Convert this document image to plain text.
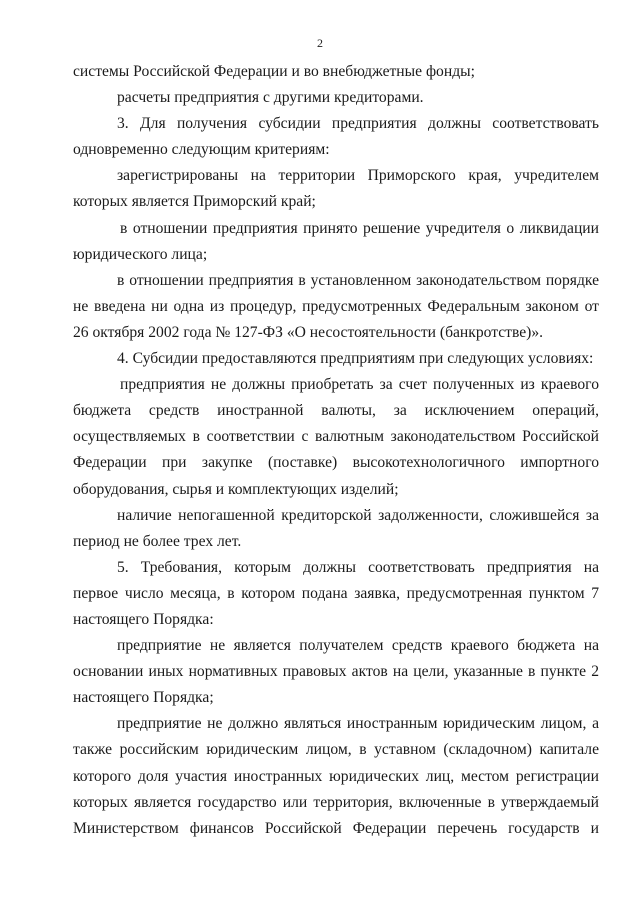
2

системы Российской Федерации и во внебюджетные фонды;

расчеты предприятия с другими кредиторами.

3. Для получения субсидии предприятия должны соответствовать одновременно следующим критериям:

зарегистрированы на территории Приморского края, учредителем которых является Приморский край;

в отношении предприятия принято решение учредителя о ликвидации юридического лица;

в отношении предприятия в установленном законодательством порядке не введена ни одна из процедур, предусмотренных Федеральным законом от 26 октября 2002 года № 127-ФЗ «О несостоятельности (банкротстве)».

4. Субсидии предоставляются предприятиям при следующих условиях:

предприятия не должны приобретать за счет полученных из краевого бюджета средств иностранной валюты, за исключением операций, осуществляемых в соответствии с валютным законодательством Российской Федерации при закупке (поставке) высокотехнологичного импортного оборудования, сырья и комплектующих изделий;

наличие непогашенной кредиторской задолженности, сложившейся за период не более трех лет.

5. Требования, которым должны соответствовать предприятия на первое число месяца, в котором подана заявка, предусмотренная пунктом 7 настоящего Порядка:

предприятие не является получателем средств краевого бюджета на основании иных нормативных правовых актов на цели, указанные в пункте 2 настоящего Порядка;

предприятие не должно являться иностранным юридическим лицом, а также российским юридическим лицом, в уставном (складочном) капитале которого доля участия иностранных юридических лиц, местом регистрации которых является государство или территория, включенные в утверждаемый Министерством финансов Российской Федерации перечень государств и
